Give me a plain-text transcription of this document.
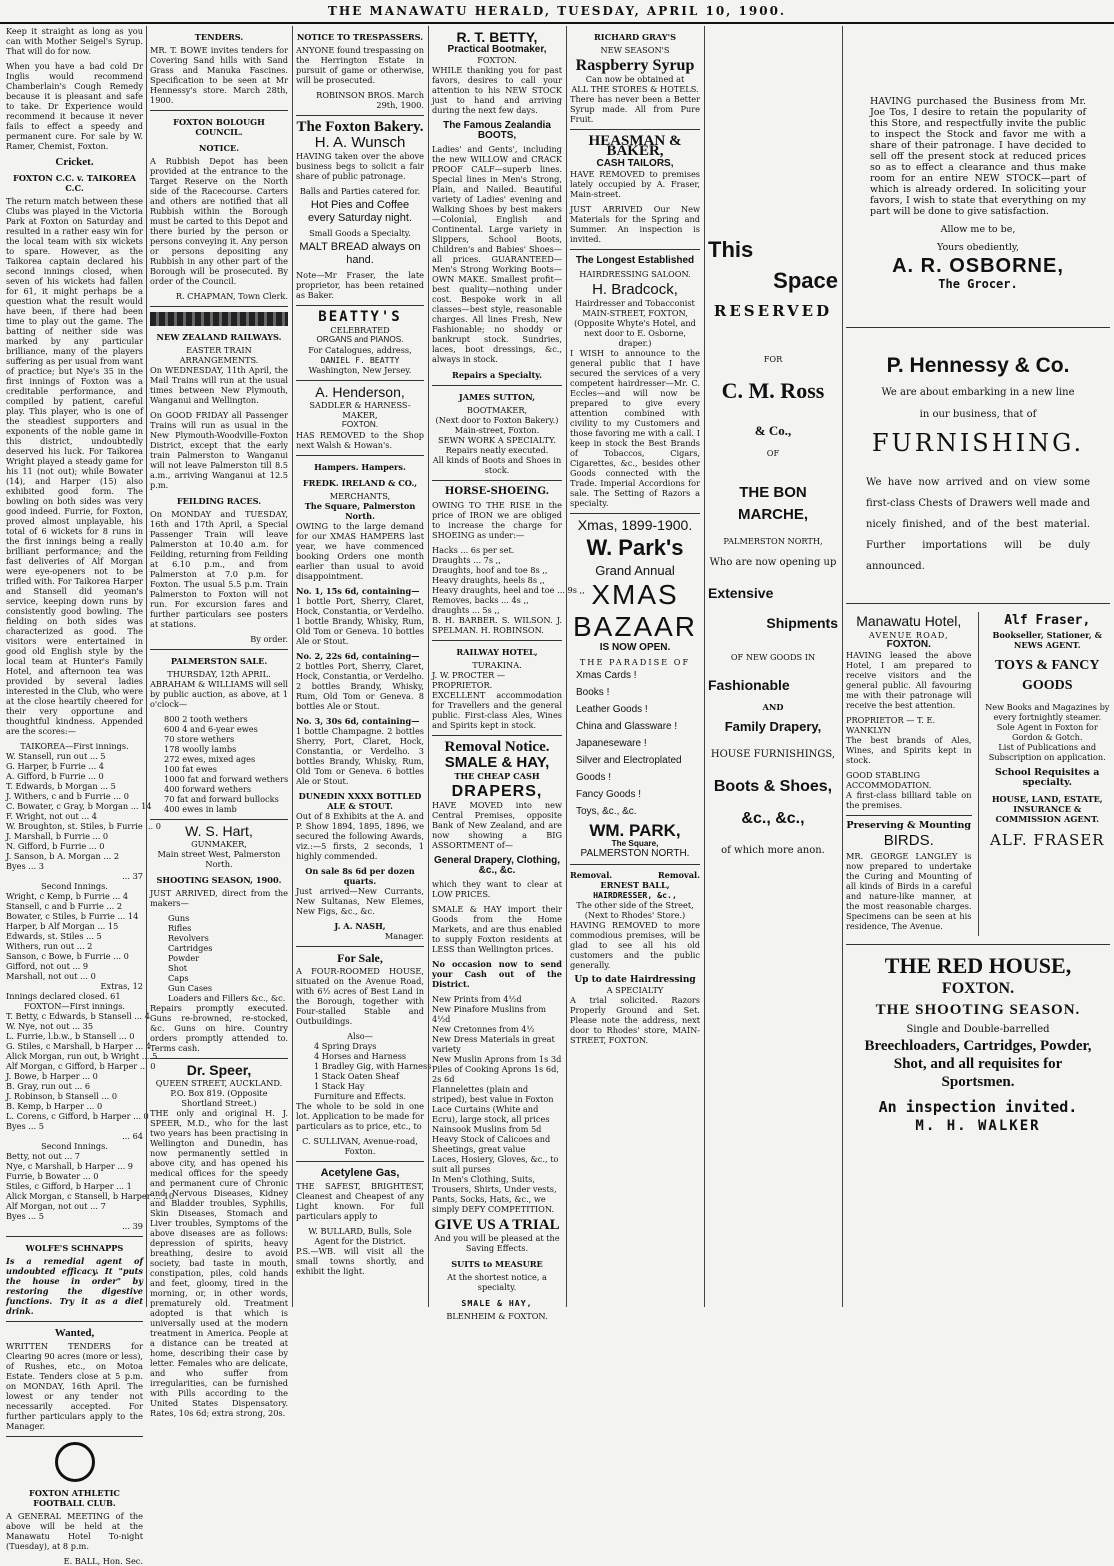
THE MANAWATU HERALD, TUESDAY, APRIL 10, 1900.

Keep it straight as long as you can with Mother Seigel's Syrup. That will do for now.

When you have a bad cold Dr Inglis would recommend Chamberlain's Cough Remedy because it is pleasant and safe to take. Dr Experience would recommend it because it never fails to effect a speedy and permanent cure. For sale by W. Ramer, Chemist, Foxton.

Cricket.
FOXTON C.C. v. TAIKOREA C.C.

The return match between these Clubs was played in the Victoria Park at Foxton on Saturday and resulted in a rather easy win for the local team with six wickets to spare. However, as the Taikorea captain declared his second innings closed, when seven of his wickets had fallen for 61, it might perhaps be a question what the result would have been, if there had been time to play out the game. The batting of neither side was marked by any particular brilliance, many of the players suffering as per usual from want of practice; but Nye's 35 in the first innings of Foxton was a creditable performance, and compiled by patient, careful play. This player, who is one of the steadiest supporters and exponents of the noble game in this district, undoubtedly deserved his luck. For Taikorea Wright played a steady game for his 11 (not out); while Bowater (14), and Harper (15) also exhibited good form. The bowling on both sides was very good indeed. Furrie, for Foxton, proved almost unplayable, his total of 6 wickets for 8 runs in the first innings being a really brilliant performance; and the fast deliveries of Alf Morgan were eye-openers not to be trifled with. For Taikorea Harper and Stansell did yeoman's service, keeping down runs by consistently good bowling. The fielding on both sides was characterized as good. The visitors were entertained in good old English style by the local team at Hunter's Family Hotel, and afternoon tea was provided by several ladies interested in the Club, who were at the close heartily cheered for their very opportune and thoughtful kindness. Appended are the scores:—

TAIKOREA—First innings.
W. Stansell, run out ... 5
G. Harper, b Furrie ... 4
A. Gifford, b Furrie ... 0
T. Edwards, b Morgan ... 5
J. Withers, c and b Furrie ... 0
C. Bowater, c Gray, b Morgan ... 14
F. Wright, not out ... 4
W. Broughton, st. Stiles, b Furrie ... 0
J. Marshall, b Furrie ... 0
N. Gifford, b Furrie ... 0
J. Sanson, b A. Morgan ... 2
Byes ... 3
... 37
Second Innings.
Wright, c Kemp, b Furrie ... 4
Stansell, c and b Furrie ... 2
Bowater, c Stiles, b Furrie ... 14
Harper, b Alf Morgan ... 15
Edwards, st. Stiles ... 5
Withers, run out ... 2
Sanson, c Bowe, b Furrie ... 0
Gifford, not out ... 9
Marshall, not out ... 0
Extras, 12
Innings declared closed. 61
FOXTON—First innings.
T. Betty, c Edwards, b Stansell ... 4
W. Nye, not out ... 35
L. Furrie, l.b.w., b Stansell ... 0
G. Stiles, c Marshall, b Harper ... 4
Alick Morgan, run out, b Wright ... 5
Alf Morgan, c Gifford, b Harper ... 0
J. Bowe, b Harper ... 0
B. Gray, run out ... 6
J. Robinson, b Stansell ... 0
B. Kemp, b Harper ... 0
L. Corens, c Gifford, b Harper ... 0
Byes ... 5
... 64
Second Innings.
Betty, not out ... 7
Nye, c Marshall, b Harper ... 9
Furrie, b Bowater ... 0
Stiles, c Gifford, b Harper ... 1
Alick Morgan, c Stansell, b Harper ... 10
Alf Morgan, not out ... 7
Byes ... 5
... 39
WOLFE'S SCHNAPPS

Is a remedial agent of undoubted efficacy. It "puts the house in order" by restoring the digestive functions. Try it as a diet drink.

Wanted,

WRITTEN TENDERS for Clearing 90 acres (more or less), of Rushes, etc., on Motoa Estate. Tenders close at 5 p.m. on MONDAY, 16th April. The lowest or any tender not necessarily accepted. For further particulars apply to the Manager.

FOXTON ATHLETIC FOOTBALL CLUB.

A GENERAL MEETING of the above will be held at the Manawatu Hotel To-night (Tuesday), at 8 p.m.

E. BALL, Hon. Sec.
TENDERS.

MR. T. BOWE invites tenders for Covering Sand hills with Sand Grass and Manuka Fascines. Specification to be seen at Mr Hennessy's store. March 28th, 1900.

FOXTON BOLOUGH COUNCIL.
NOTICE.

A Rubbish Depot has been provided at the entrance to the Target Reserve on the North side of the Racecourse. Carters and others are notified that all Rubbish within the Borough must be carted to this Depot and there buried by the person or persons conveying it. Any person or persons depositing any Rubbish in any other part of the Borough will be prosecuted. By order of the Council.

R. CHAPMAN, Town Clerk.
NEW ZEALAND RAILWAYS.
EASTER TRAIN ARRANGEMENTS.

On WEDNESDAY, 11th April, the Mail Trains will run at the usual times between New Plymouth, Wanganui and Wellington.

On GOOD FRIDAY all Passenger Trains will run as usual in the New Plymouth-Woodville-Foxton District, except that the early train Palmerston to Wanganui will not leave Palmerston till 8.5 a.m., arriving Wanganui at 12.5 p.m.

FEILDING RACES.

On MONDAY and TUESDAY, 16th and 17th April, a Special Passenger Train will leave Palmerston at 10.40 a.m. for Feilding, returning from Feilding at 6.10 p.m., and from Palmerston at 7.0 p.m. for Foxton. The usual 5.5 p.m. Train Palmerston to Foxton will not run. For excursion fares and further particulars see posters at stations.

By order.
PALMERSTON SALE.
THURSDAY, 12th APRIL.

ABRAHAM & WILLIAMS will sell by public auction, as above, at 1 o'clock—

800 2 tooth wethers
600 4 and 6-year ewes
70 store wethers
178 woolly lambs
272 ewes, mixed ages
100 fat ewes
1000 fat and forward wethers
400 forward wethers
70 fat and forward bullocks
400 ewes in lamb
W. S. Hart,
GUNMAKER,
Main street West, Palmerston North.
SHOOTING SEASON, 1900.

JUST ARRIVED, direct from the makers—

Guns
Rifles
Revolvers
Cartridges
Powder
Shot
Caps
Gun Cases
Loaders and Fillers &c., &c.

Repairs promptly executed. Guns re-browned, re-stocked, &c. Guns on hire. Country orders promptly attended to. Terms cash.

Dr. Speer,
QUEEN STREET, AUCKLAND.
P.O. Box 819. (Opposite Shortland Street.)

THE only and original H. J. SPEER, M.D., who for the last two years has been practising in Wellington and Dunedin, has now permanently settled in above city, and has opened his medical offices for the speedy and permanent cure of Chronic and Nervous Diseases, Kidney and Bladder troubles, Syphilis, Skin Diseases, Stomach and Liver troubles, Symptoms of the above diseases are as follows: depression of spirits, heavy breathing, desire to avoid society, bad taste in mouth, constipation, piles, cold hands and feet, gloomy, tired in the morning, or, in other words, prematurely old. Treatment adopted is that which is universally used at the modern treatment in America. People at a distance can be treated at home, describing their case by letter. Females who are delicate, and who suffer from irregularities, can be furnished with Pills according to the United States Dispensatory. Rates, 10s 6d; extra strong, 20s.

NOTICE TO TRESPASSERS.

ANYONE found trespassing on the Herrington Estate in pursuit of game or otherwise, will be prosecuted.

ROBINSON BROS. March 29th, 1900.
The Foxton Bakery.
H. A. Wunsch

HAVING taken over the above business begs to solicit a fair share of public patronage.

Balls and Parties catered for.
Hot Pies and Coffee every Saturday night.
Small Goods a Specialty.
MALT BREAD always on hand.

Note—Mr Fraser, the late proprietor, has been retained as Baker.

BEATTY'S
CELEBRATED
ORGANS and PIANOS.
For Catalogues, address,
DANIEL F. BEATTY
Washington, New Jersey.
A. Henderson,
SADDLER & HARNESS-MAKER,
FOXTON.

HAS REMOVED to the Shop next Walsh & Howan's.

Hampers. Hampers.
FREDK. IRELAND & CO.,
MERCHANTS,
The Square, Palmerston North.

OWING to the large demand for our XMAS HAMPERS last year, we have commenced booking Orders one month earlier than usual to avoid disappointment.

No. 1, 15s 6d, containing—

1 bottle Port, Sherry, Claret, Hock, Constantia, or Verdelho. 1 bottle Brandy, Whisky, Rum, Old Tom or Geneva. 10 bottles Ale or Stout.

No. 2, 22s 6d, containing—

2 bottles Port, Sherry, Claret, Hock, Constantia, or Verdelho. 2 bottles Brandy, Whisky, Rum, Old Tom or Geneva. 8 bottles Ale or Stout.

No. 3, 30s 6d, containing—

1 bottle Champagne. 2 bottles Sherry, Port, Claret, Hock, Constantia, or Verdelho. 3 bottles Brandy, Whisky, Rum, Old Tom or Geneva. 6 bottles Ale or Stout.

DUNEDIN XXXX BOTTLED ALE & STOUT.

Out of 8 Exhibits at the A. and P. Show 1894, 1895, 1896, we secured the following Awards, viz.:—5 firsts, 2 seconds, 1 highly commended.

On sale 8s 6d per dozen quarts.

Just arrived—New Currants, New Sultanas, New Elemes, New Figs, &c., &c.

J. A. NASH,
Manager.
For Sale,

A FOUR-ROOMED HOUSE, situated on the Avenue Road, with 6½ acres of Best Land in the Borough, together with Four-stalled Stable and Outbuildings.

Also—
4 Spring Drays
4 Horses and Harness
1 Bradley Gig, with Harness
1 Stack Oaten Sheaf
1 Stack Hay
Furniture and Effects.

The whole to be sold in one lot. Application to be made for particulars as to price, etc., to

C. SULLIVAN, Avenue-road, Foxton.
Acetylene Gas,

THE SAFEST, BRIGHTEST, Cleanest and Cheapest of any Light known. For full particulars apply to

W. BULLARD, Bulls, Sole Agent for the District.

P.S.—WB. will visit all the small towns shortly, and exhibit the light.

R. T. BETTY,
Practical Bootmaker,
FOXTON.

WHILE thanking you for past favors, desires to call your attention to his NEW STOCK just to hand and arriving during the next few days.

The Famous Zealandia BOOTS,

Ladies' and Gents', including the new WILLOW and CRACK PROOF CALF—superb lines. Special lines in Men's Strong, Plain, and Nailed. Beautiful variety of Ladies' evening and Walking Shoes by best makers—Colonial, English and Continental. Large variety in Slippers, School Boots, Children's and Babies' Shoes—all prices. GUARANTEED—Men's Strong Working Boots—OWN MAKE. Smallest profit—best quality—nothing under cost. Bespoke work in all classes—best style, reasonable charges. All lines Fresh, New Fashionable; no shoddy or bankrupt stock. Sundries, laces, boot dressings, &c., always in stock.

Repairs a Specialty.
JAMES SUTTON,
BOOTMAKER,
(Next door to Foxton Bakery.) Main-street, Foxton.
SEWN WORK A SPECIALTY.
Repairs neatly executed.
All kinds of Boots and Shoes in stock.
HORSE-SHOEING.

OWING TO THE RISE in the price of IRON we are obliged to increase the charge for SHOEING as under:—

Hacks ... 6s per set.
Draughts ... 7s ,,
Draughts, hoof and toe 8s ,,
Heavy draughts, heels 8s ,,
Heavy draughts, heel and toe ... 9s ,,
Removes, backs ... 4s ,,
draughts ... 5s ,,

B. H. BARBER. S. WILSON. J. SPELMAN. H. ROBINSON.

RAILWAY HOTEL,
TURAKINA.
J. W. PROCTER — PROPRIETOR.

EXCELLENT accommodation for Travellers and the general public. First-class Ales, Wines and Spirits kept in stock.

Removal Notice.
SMALE & HAY,
THE CHEAP CASH
DRAPERS,

HAVE MOVED into new Central Premises, opposite Bank of New Zealand, and are now showing a BIG ASSORTMENT of—

General Drapery, Clothing, &c., &c.

which they want to clear at LOW PRICES.

SMALE & HAY import their Goods from the Home Markets, and are thus enabled to supply Foxton residents at LESS than Wellington prices.

No occasion now to send your Cash out of the District.

New Prints from 4½d
New Pinafore Muslins from 4½d
New Cretonnes from 4½
New Dress Materials in great variety
New Muslin Aprons from 1s 3d
Piles of Cooking Aprons 1s 6d, 2s 6d
Flannelettes (plain and striped), best value in Foxton
Lace Curtains (White and Ecru), large stock, all prices
Nainsook Muslins from 5d
Heavy Stock of Calicoes and Sheetings, great value
Laces, Hosiery, Gloves, &c., to suit all purses
In Men's Clothing, Suits, Trousers, Shirts, Under vests, Pants, Socks, Hats, &c., we simply DEFY COMPETITION.
GIVE US A TRIAL
And you will be pleased at the Saving Effects.
SUITS to MEASURE
At the shortest notice, a specialty.
SMALE & HAY,
BLENHEIM & FOXTON.
RICHARD GRAY'S
NEW SEASON'S
Raspberry Syrup
Can now be obtained at
ALL THE STORES & HOTELS.

There has never been a Better Syrup made. All from Pure Fruit.

HEASMAN & BAKER,
CASH TAILORS,

HAVE REMOVED to premises lately occupied by A. Fraser, Main-street.

JUST ARRIVED Our New Materials for the Spring and Summer. An inspection is invited.

The Longest Established
HAIRDRESSING SALOON.
H. Bradcock,
Hairdresser and Tobacconist
MAIN-STREET, FOXTON,
(Opposite Whyte's Hotel, and next door to E. Osborne, draper.)

I WISH to announce to the general public that I have secured the services of a very competent hairdresser—Mr. C. Eccles—and will now be prepared to give every attention combined with civility to my Customers and those favoring me with a call. I keep in stock the Best Brands of Tobaccos, Cigars, Cigarettes, &c., besides other Goods connected with the Trade. Imperial Accordions for sale. The Setting of Razors a specialty.

Xmas, 1899-1900.
W. Park's
Grand Annual
XMAS
BAZAAR
IS NOW OPEN.
THE PARADISE OF
Xmas Cards !
Books !
Leather Goods !
China and Glassware !
Japaneseware !
Silver and Electroplated Goods !
Fancy Goods !
Toys, &c., &c.
WM. PARK,
The Square,
PALMERSTON NORTH.
Removal.	Removal.
ERNEST BALL,
HAIRDRESSER, &c.,
The other side of the Street, (Next to Rhodes' Store.)

HAVING REMOVED to more commodious premises, will be glad to see all his old customers and the public generally.

Up to date Hairdressing
A SPECIALTY

A trial solicited. Razors Properly Ground and Set. Please note the address, next door to Rhodes' store, MAIN-STREET, FOXTON.

This
Space
RESERVED
FOR
C. M. Ross
& Co.,
OF
THE BON MARCHE,
PALMERSTON NORTH,
Who are now opening up
Extensive
Shipments
OF NEW GOODS IN
Fashionable
AND
Family Drapery,
HOUSE FURNISHINGS,
Boots & Shoes,
&c., &c.,
of which more anon.

HAVING purchased the Business from Mr. Joe Tos, I desire to retain the popularity of this Store, and respectfully invite the public to inspect the Stock and favor me with a share of their patronage. I have decided to sell off the present stock at reduced prices so as to effect a clearance and thus make room for an entire NEW STOCK—part of which is already ordered. In soliciting your favors, I wish to state that everything on my part will be done to give satisfaction.

Allow me to be,
Yours obediently,
A. R. OSBORNE,
The Grocer.
P. Hennessy & Co.
We are about embarking in a new line
in our business, that of
FURNISHING.

We have now arrived and on view some first-class Chests of Drawers well made and nicely finished, and of the best material. Further importations will be duly announced.

Manawatu Hotel,
AVENUE ROAD,
FOXTON.

HAVING leased the above Hotel, I am prepared to receive visitors and the general public. All favouring me with their patronage will receive the best attention.

PROPRIETOR — T. E. WANKLYN

The best brands of Ales, Wines, and Spirits kept in stock.

GOOD STABLING ACCOMMODATION.

A first-class billiard table on the premises.

Preserving & Mounting
BIRDS.

MR. GEORGE LANGLEY is now prepared to undertake the Curing and Mounting of all kinds of Birds in a careful and nature-like manner, at the most reasonable charges. Specimens can be seen at his residence, The Avenue.

Alf Fraser,
Bookseller, Stationer, & NEWS AGENT.
TOYS & FANCY GOODS
New Books and Magazines by every fortnightly steamer.
Sole Agent in Foxton for Gordon & Gotch.
List of Publications and Subscription on application.
School Requisites a specialty.
HOUSE, LAND, ESTATE, INSURANCE & COMMISSION AGENT.
ALF. FRASER
THE RED HOUSE,
FOXTON.
THE SHOOTING SEASON.
Single and Double-barrelled
Breechloaders, Cartridges, Powder, Shot, and all requisites for Sportsmen.
An inspection invited.
M. H. WALKER
